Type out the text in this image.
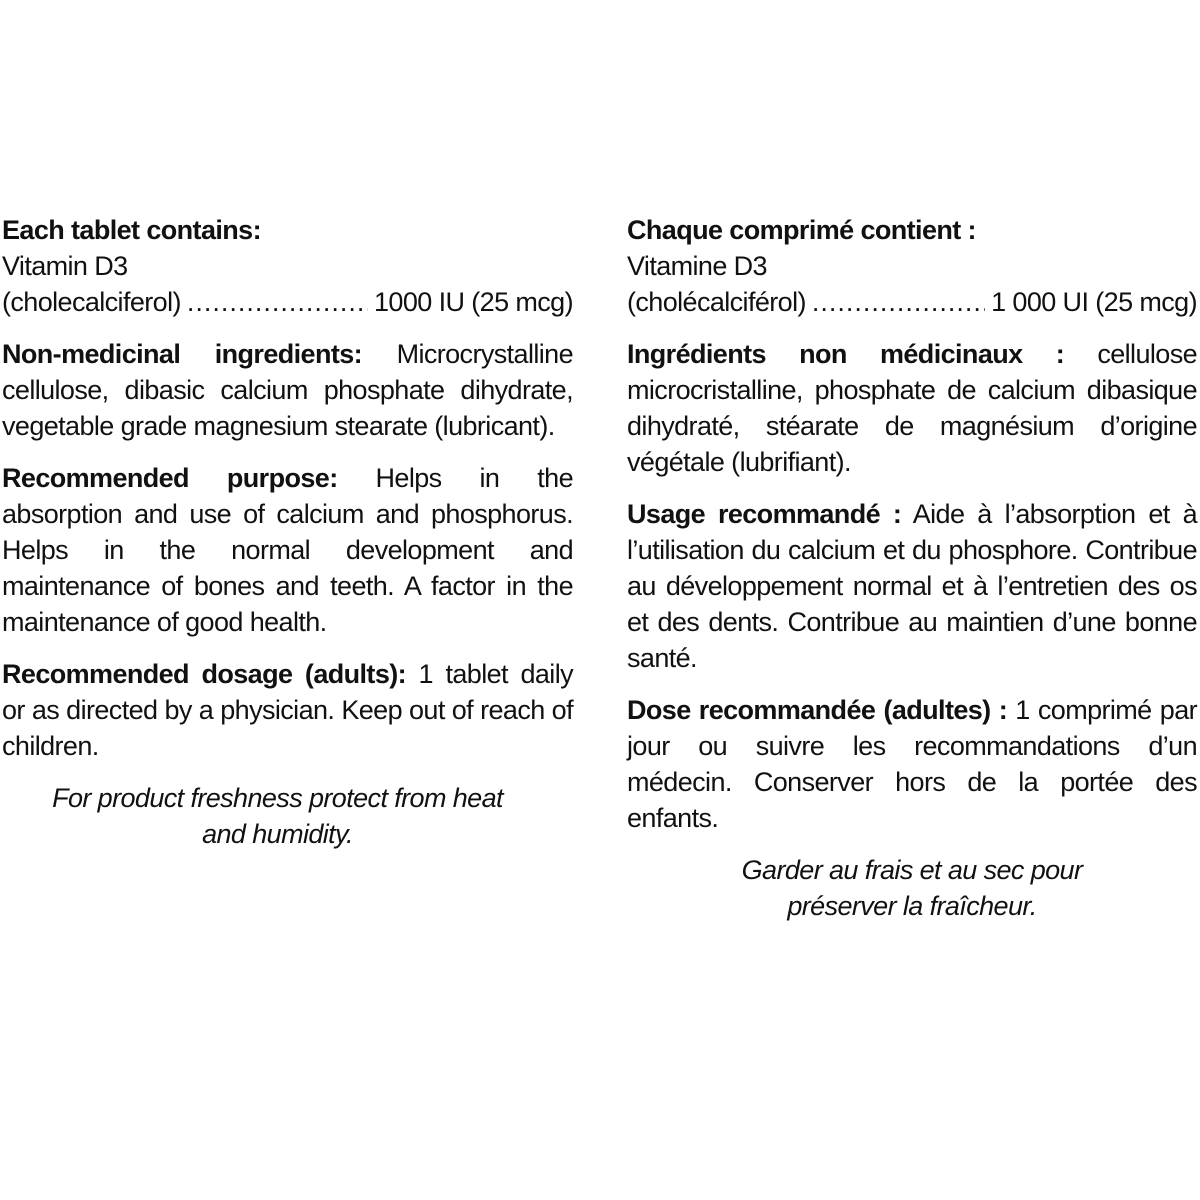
Each tablet contains:

Vitamin D3

(cholecalciferol) .....	1000 IU (25 mcg)

Non-medicinal ingredients: Microcrystalline cellulose, dibasic calcium phosphate dihydrate, vegetable grade magnesium stearate (lubricant).

Recommended purpose: Helps in the absorption and use of calcium and phosphorus. Helps in the normal development and maintenance of bones and teeth. A factor in the maintenance of good health.

Recommended dosage (adults): 1 tablet daily or as directed by a physician. Keep out of reach of children.

For product freshness protect from heat and humidity.

Chaque comprimé contient :

Vitamine D3

(cholécalciférol) .....	1 000 UI (25 mcg)

Ingrédients non médicinaux : cellulose microcristalline, phosphate de calcium dibasique dihydraté, stéarate de magnésium d’origine végétale (lubrifiant).

Usage recommandé : Aide à l’absorption et à l’utilisation du calcium et du phosphore. Contribue au développement normal et à l’entretien des os et des dents. Contribue au maintien d’une bonne santé.

Dose recommandée (adultes) : 1 comprimé par jour ou suivre les recommandations d’un médecin. Conserver hors de la portée des enfants.

Garder au frais et au sec pour préserver la fraîcheur.
